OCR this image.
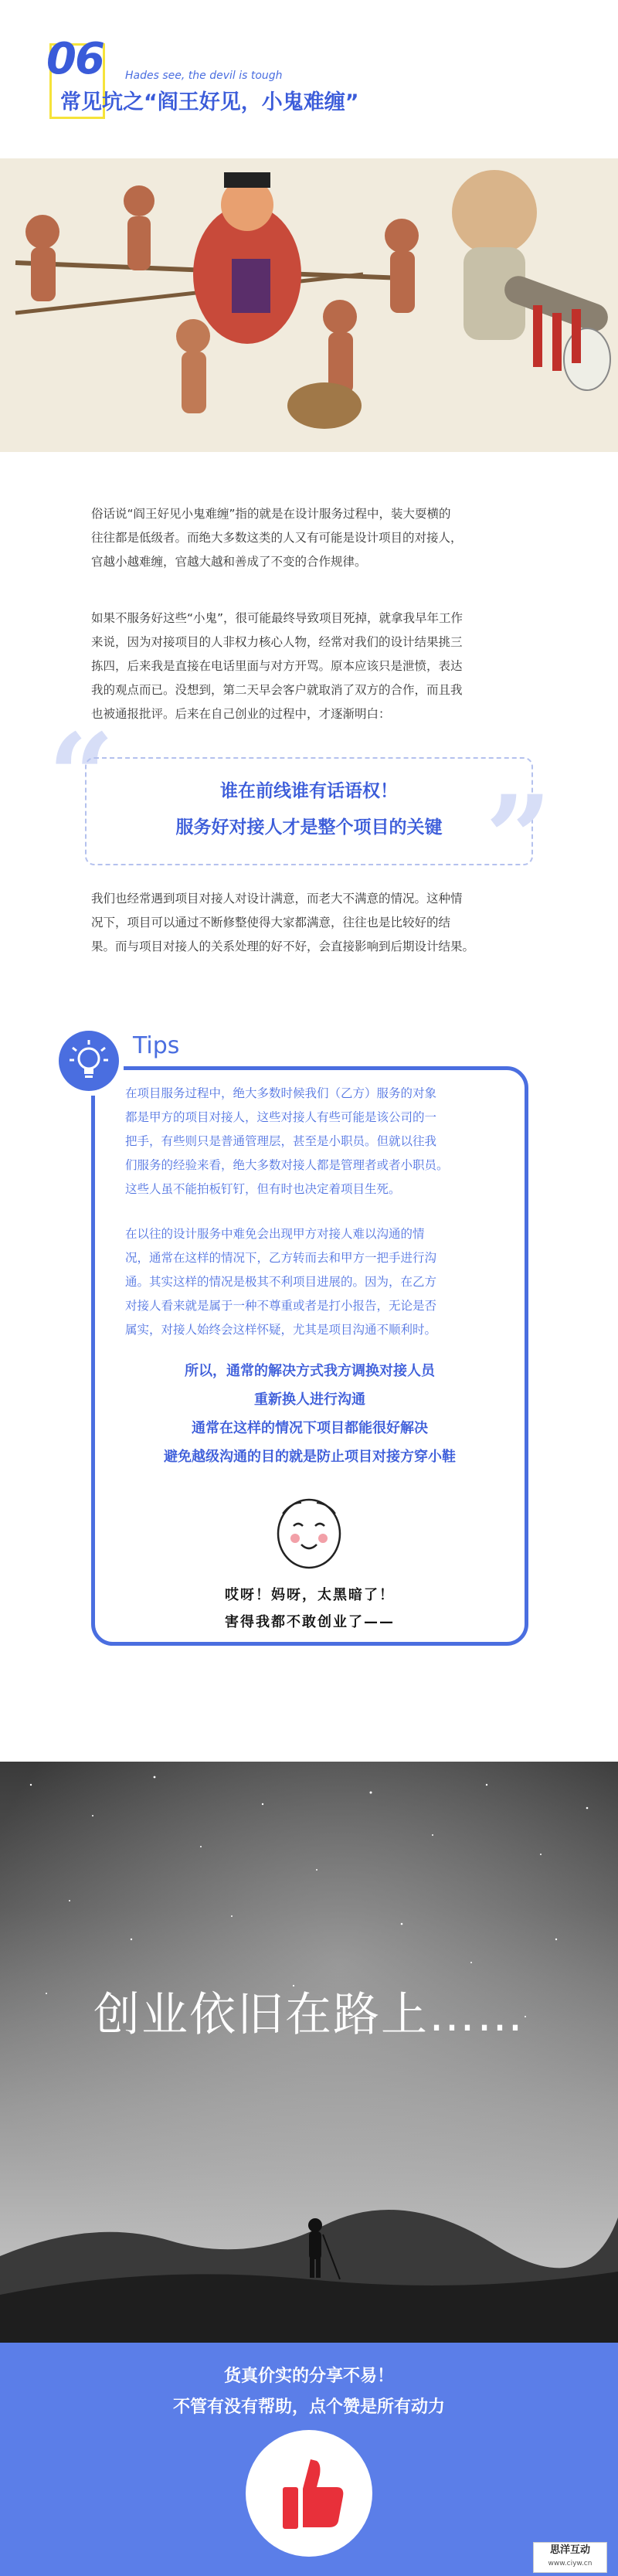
06 Hades see, the devil is tough
常见坑之“阎王好见，小鬼难缠”
俗话说“阎王好见小鬼难缠”指的就是在设计服务过程中，装大耍横的
往往都是低级者。而绝大多数这类的人又有可能是设计项目的对接人，
官越小越难缠，官越大越和善成了不变的合作规律。
如果不服务好这些“小鬼”，很可能最终导致项目死掉，就拿我早年工作
来说，因为对接项目的人非权力核心人物，经常对我们的设计结果挑三
拣四，后来我是直接在电话里面与对方开骂。原本应该只是泄愤，表达
我的观点而已。没想到，第二天早会客户就取消了双方的合作，而且我
也被通报批评。后来在自己创业的过程中，才逐渐明白：
“	谁在前线谁有话语权！
服务好对接人才是整个项目的关键 ”
我们也经常遇到项目对接人对设计满意，而老大不满意的情况。这种情
况下，项目可以通过不断修整使得大家都满意，往往也是比较好的结
果。而与项目对接人的关系处理的好不好，会直接影响到后期设计结果。
Tips
在项目服务过程中，绝大多数时候我们（乙方）服务的对象
都是甲方的项目对接人，这些对接人有些可能是该公司的一
把手，有些则只是普通管理层，甚至是小职员。但就以往我
们服务的经验来看，绝大多数对接人都是管理者或者小职员。
这些人虽不能拍板钉钉，但有时也决定着项目生死。
在以往的设计服务中难免会出现甲方对接人难以沟通的情
况，通常在这样的情况下，乙方转而去和甲方一把手进行沟
通。其实这样的情况是极其不利项目进展的。因为，在乙方
对接人看来就是属于一种不尊重或者是打小报告，无论是否
属实，对接人始终会这样怀疑，尤其是项目沟通不顺利时。
所以，通常的解决方式我方调换对接人员
重新换人进行沟通
通常在这样的情况下项目都能很好解决
避免越级沟通的目的就是防止项目对接方穿小鞋
哎呀！妈呀，太黑暗了！
害得我都不敢创业了——
创业依旧在路上……
货真价实的分享不易！
不管有没有帮助，点个赞是所有动力
思洋互动
www.ciyw.cn
